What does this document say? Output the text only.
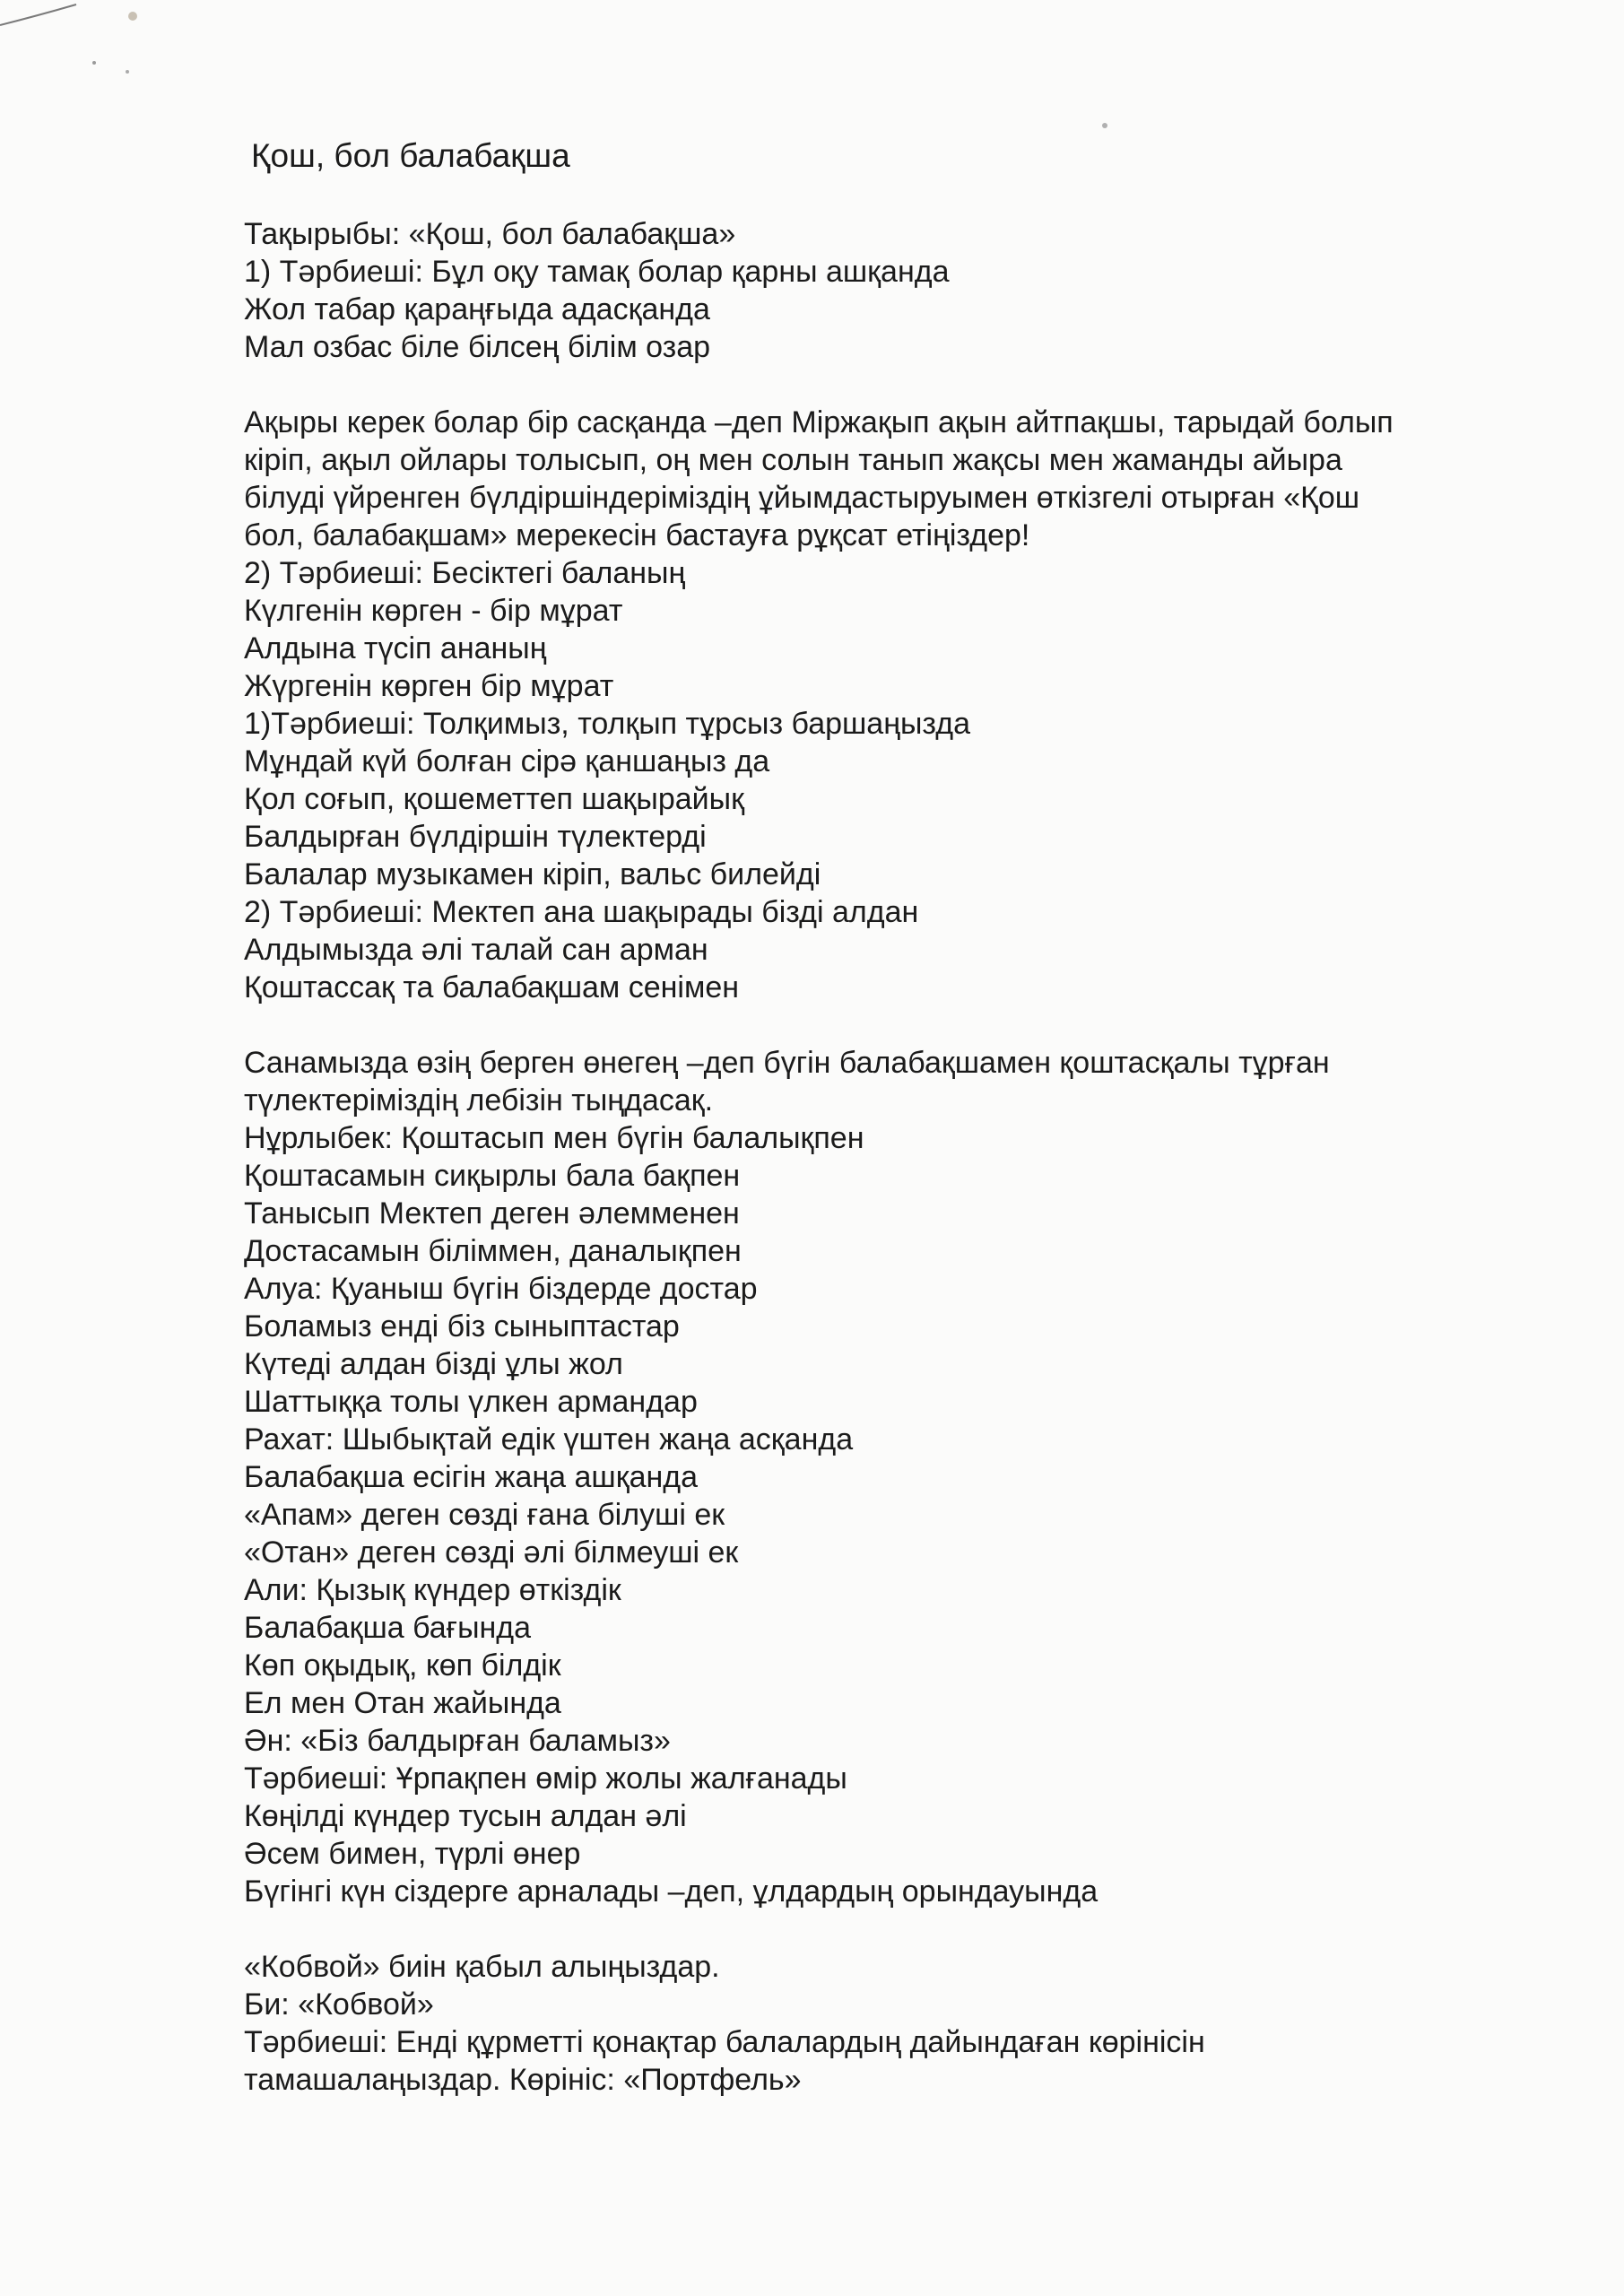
Қош, бол балабақша
Тақырыбы: «Қош, бол балабақша»
1) Тәрбиеші: Бұл оқу тамақ болар қарны ашқанда
Жол табар қараңғыда адасқанда
Мал озбас біле білсең білім озар
Ақыры керек болар бір сасқанда –деп Міржақып ақын айтпақшы, тарыдай болып
кіріп, ақыл ойлары толысып, оң мен солын танып жақсы мен жаманды айыра
білуді үйренген бүлдіршіндеріміздің ұйымдастыруымен өткізгелі отырған «Қош
бол, балабақшам» мерекесін бастауға рұқсат етіңіздер!
2) Тәрбиеші: Бесіктегі баланың
Күлгенін көрген - бір мұрат
Алдына түсіп ананың
Жүргенін көрген бір мұрат
1)Тәрбиеші: Толқимыз, толқып тұрсыз баршаңызда
Мұндай күй болған сірә қаншаңыз да
Қол соғып, қошеметтеп шақырайық
Балдырған бүлдіршін түлектерді
Балалар музыкамен кіріп, вальс билейді
2) Тәрбиеші: Мектеп ана шақырады бізді алдан
Алдымызда әлі талай сан арман
Қоштассақ та балабақшам сенімен
Санамызда өзің берген өнегең –деп бүгін балабақшамен қоштасқалы тұрған
түлектеріміздің лебізін тыңдасақ.
Нұрлыбек: Қоштасып мен бүгін балалықпен
Қоштасамын сиқырлы бала бақпен
Танысып Мектеп деген әлемменен
Достасамын біліммен, даналықпен
Алуа: Қуаныш бүгін біздерде достар
Боламыз енді біз сыныптастар
Күтеді алдан бізді ұлы жол
Шаттыққа толы үлкен армандар
Рахат: Шыбықтай едік үштен жаңа асқанда
Балабақша есігін жаңа ашқанда
«Апам» деген сөзді ғана білуші ек
«Отан» деген сөзді әлі білмеуші ек
Али: Қызық күндер өткіздік
Балабақша бағында
Көп оқыдық, көп білдік
Ел мен Отан жайында
Ән: «Біз балдырған баламыз»
Тәрбиеші: Ұрпақпен өмір жолы жалғанады
Көңілді күндер тусын алдан әлі
Әсем бимен, түрлі өнер
Бүгінгі күн сіздерге арналады –деп, ұлдардың орындауында
«Кобвой» биін қабыл алыңыздар.
Би: «Кобвой»
Тәрбиеші: Енді құрметті қонақтар балалардың дайындаған көрінісін
тамашалаңыздар. Көрініс: «Портфель»
